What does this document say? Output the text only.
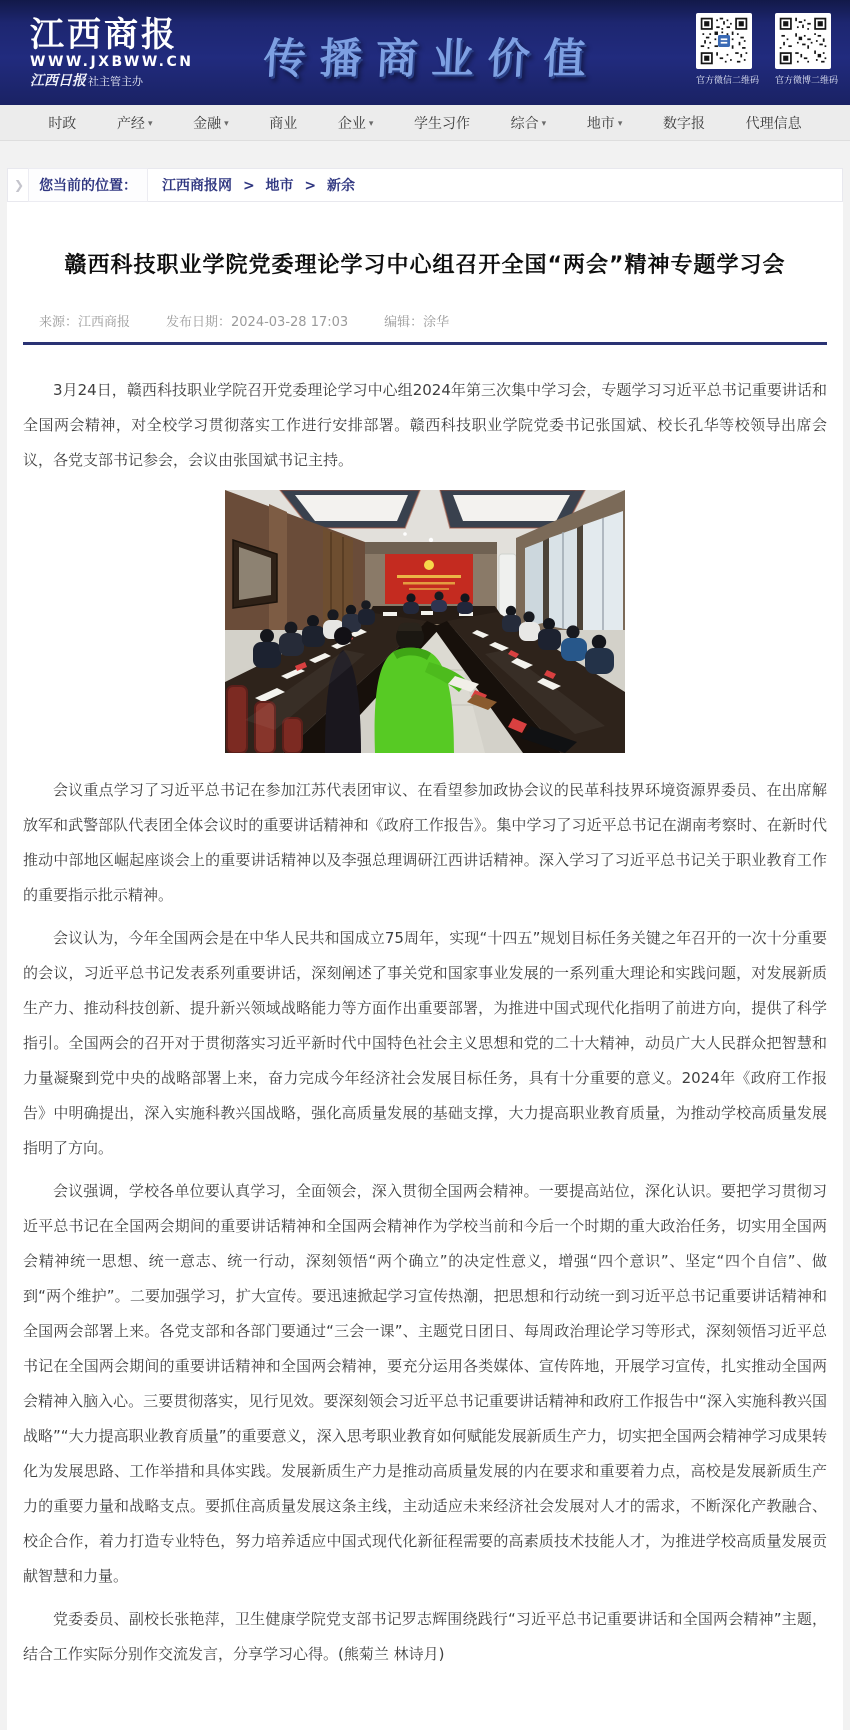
江西商报
WWW.JXBWW.CN
江西日报 社主管主办	传播商业价值	官方微信二维码 官方微博二维码
时政	产经 ▾	金融 ▾	商业	企业 ▾	学生习作	综合 ▾	地市 ▾	数字报	代理信息
❯	您当前的位置：	江西商报网 > 地市 > 新余
赣西科技职业学院党委理论学习中心组召开全国“两会”精神专题学习会
来源：江西商报	发布日期：2024-03-28 17:03	编辑：涂华

3月24日，赣西科技职业学院召开党委理论学习中心组2024年第三次集中学习会，专题学习习近平总书记重要讲话和全国两会精神，对全校学习贯彻落实工作进行安排部署。赣西科技职业学院党委书记张国斌、校长孔华等校领导出席会议，各党支部书记参会，会议由张国斌书记主持。

会议重点学习了习近平总书记在参加江苏代表团审议、在看望参加政协会议的民革科技界环境资源界委员、在出席解放军和武警部队代表团全体会议时的重要讲话精神和《政府工作报告》。集中学习了习近平总书记在湖南考察时、在新时代推动中部地区崛起座谈会上的重要讲话精神以及李强总理调研江西讲话精神。深入学习了习近平总书记关于职业教育工作的重要指示批示精神。

会议认为，今年全国两会是在中华人民共和国成立75周年，实现“十四五”规划目标任务关键之年召开的一次十分重要的会议，习近平总书记发表系列重要讲话，深刻阐述了事关党和国家事业发展的一系列重大理论和实践问题，对发展新质生产力、推动科技创新、提升新兴领域战略能力等方面作出重要部署，为推进中国式现代化指明了前进方向，提供了科学指引。全国两会的召开对于贯彻落实习近平新时代中国特色社会主义思想和党的二十大精神，动员广大人民群众把智慧和力量凝聚到党中央的战略部署上来，奋力完成今年经济社会发展目标任务，具有十分重要的意义。2024年《政府工作报告》中明确提出，深入实施科教兴国战略，强化高质量发展的基础支撑，大力提高职业教育质量，为推动学校高质量发展指明了方向。

会议强调，学校各单位要认真学习，全面领会，深入贯彻全国两会精神。一要提高站位，深化认识。要把学习贯彻习近平总书记在全国两会期间的重要讲话精神和全国两会精神作为学校当前和今后一个时期的重大政治任务，切实用全国两会精神统一思想、统一意志、统一行动，深刻领悟“两个确立”的决定性意义，增强“四个意识”、坚定“四个自信”、做到“两个维护”。二要加强学习，扩大宣传。要迅速掀起学习宣传热潮，把思想和行动统一到习近平总书记重要讲话精神和全国两会部署上来。各党支部和各部门要通过“三会一课”、主题党日团日、每周政治理论学习等形式，深刻领悟习近平总书记在全国两会期间的重要讲话精神和全国两会精神，要充分运用各类媒体、宣传阵地，开展学习宣传，扎实推动全国两会精神入脑入心。三要贯彻落实，见行见效。要深刻领会习近平总书记重要讲话精神和政府工作报告中“深入实施科教兴国战略”“大力提高职业教育质量”的重要意义，深入思考职业教育如何赋能发展新质生产力，切实把全国两会精神学习成果转化为发展思路、工作举措和具体实践。发展新质生产力是推动高质量发展的内在要求和重要着力点，高校是发展新质生产力的重要力量和战略支点。要抓住高质量发展这条主线，主动适应未来经济社会发展对人才的需求，不断深化产教融合、校企合作，着力打造专业特色，努力培养适应中国式现代化新征程需要的高素质技术技能人才，为推进学校高质量发展贡献智慧和力量。

党委委员、副校长张艳萍，卫生健康学院党支部书记罗志辉围绕践行“习近平总书记重要讲话和全国两会精神”主题，结合工作实际分别作交流发言，分享学习心得。(熊菊兰 林诗月)
